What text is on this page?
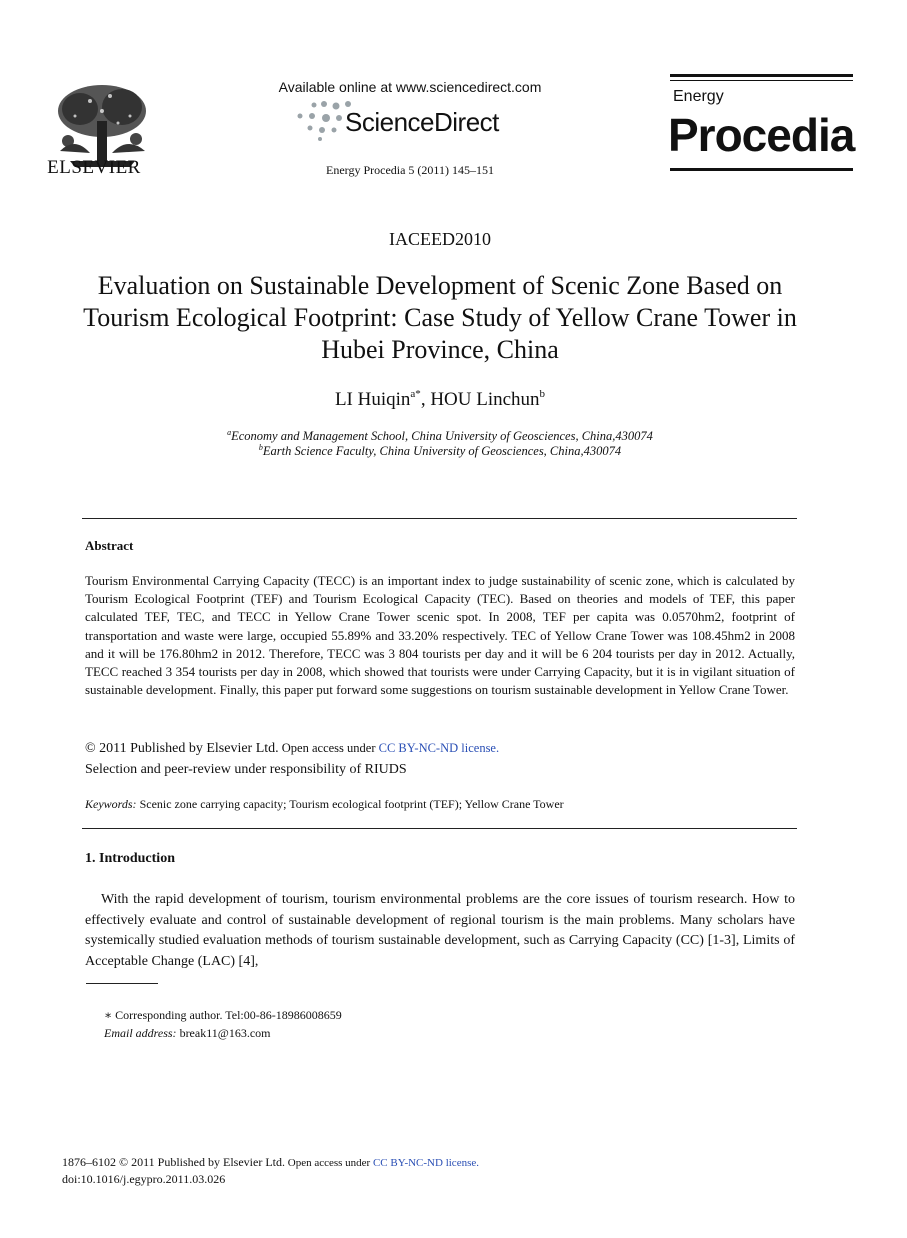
ELSEVIER
Available online at www.sciencedirect.com
ScienceDirect
Energy Procedia 5 (2011) 145–151
Energy
Procedia
IACEED2010
Evaluation on Sustainable Development of Scenic Zone Based on Tourism Ecological Footprint: Case Study of Yellow Crane Tower in Hubei Province, China
LI Huiqin$^{a*}$, HOU Linchun$^b$
$^a$Economy and Management School, China University of Geosciences, China,430074
$^b$Earth Science Faculty, China University of Geosciences, China,430074
Abstract
Tourism Environmental Carrying Capacity (TECC) is an important index to judge sustainability of scenic zone, which is calculated by Tourism Ecological Footprint (TEF) and Tourism Ecological Capacity (TEC). Based on theories and models of TEF, this paper calculated TEF, TEC, and TECC in Yellow Crane Tower scenic spot. In 2008, TEF per capita was 0.0570hm2, footprint of transportation and waste were large, occupied 55.89% and 33.20% respectively. TEC of Yellow Crane Tower was 108.45hm2 in 2008 and it will be 176.80hm2 in 2012. Therefore, TECC was 3 804 tourists per day and it will be 6 204 tourists per day in 2012. Actually, TECC reached 3 354 tourists per day in 2008, which showed that tourists were under Carrying Capacity, but it is in vigilant situation of sustainable development. Finally, this paper put forward some suggestions on tourism sustainable development in Yellow Crane Tower.
© 2011 Published by Elsevier Ltd. Open access under CC BY-NC-ND license.
Selection and peer-review under responsibility of RIUDS
Keywords: Scenic zone carrying capacity; Tourism ecological footprint (TEF); Yellow Crane Tower
1. Introduction
With the rapid development of tourism, tourism environmental problems are the core issues of tourism research. How to effectively evaluate and control of sustainable development of regional tourism is the main problems. Many scholars have systemically studied evaluation methods of tourism sustainable development, such as Carrying Capacity (CC) [1-3], Limits of Acceptable Change (LAC) [4],
∗ Corresponding author. Tel:00-86-18986008659
Email address: break11@163.com
1876–6102 © 2011 Published by Elsevier Ltd. Open access under CC BY-NC-ND license.
doi:10.1016/j.egypro.2011.03.026
